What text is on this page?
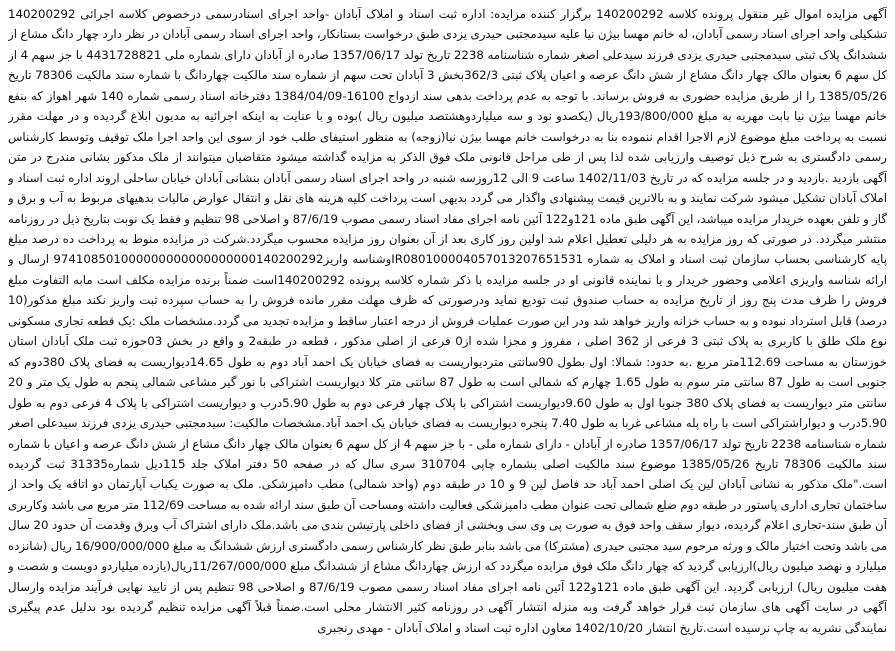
آگهی مزایده اموال غیر منقول پرونده کلاسه 140200292 برگزار کننده مزایده: اداره ثبت اسناد و املاک آبادان -واحد اجرای اسنادرسمی درخصوص کلاسه اجرائی 140200292 تشکیلی واحد اجرای اسناد رسمی آبادان، له خانم مهسا بیژن نیا علیه سیدمجتبی حیدری یزدی طبق درخواست بستانکار، واحد اجرای اسناد رسمی آبادان در نظر دارد چهار دانگ مشاع از ششدانگ پلاک ثبتی سیدمجتبی حیدری یزدی فرزند سیدعلی اصغر شماره شناسنامه 2238 تاریخ تولد 1357/06/17 صادره از آبادان دارای شماره ملی 4431728821 با جز سهم 4 از کل سهم 6 بعنوان مالک چهار دانگ مشاع از شش دانگ عرصه و اعیان پلاک ثبتی 362/3بخش 3 آبادان تحت سهم از شماره سند مالکیت چهاردانگ با شماره سند مالکیت 78306 تاریخ 1385/05/26 را از طریق مزایده حضوری به فروش برساند. با توجه به عدم پرداخت بدهی سند ازدواج 16100-1384/04/09 دفترخانه اسناد رسمی شماره 140 شهر اهواز که بنفع خانم مهسا بیژن نیا بابت مهریه به مبلغ 193/800/000ریال (یکصدو نود و سه میلیاردوهشتصد میلیون ریال )بوده و با عنایت به اینکه اجرائیه به مدیون ابلاغ گردیده و در مهلت مقرر نسبت به پرداخت مبلغ موضوع لازم الاجرا اقدام ننموده بنا به درخواست خانم مهسا بیژن نیا(زوجه) به منظور استیفای طلب خود از سوی این واحد اجرا ملک توقیف وتوسط کارشناس رسمی دادگستری به شرح ذیل توصیف وارزیابی شده لذا پس از طی مراحل قانونی ملک فوق الذکر به مزایده گذاشته میشود متقاضیان میتوانند از ملک مذکور بشانی مندرج در متن آگهی بازدید .بازدید و در جلسه مزایده که در تاریخ 1402/11/03 ساعت 9 الی 12روزسه شنبه در واحد اجرای اسناد رسمی آبادان بنشانی آبادان خیابان ساحلی اروند اداره ثبت اسناد و املاک آبادان تشکیل میشود شرکت نمایند و به بالاترین قیمت پیشنهادی واگذار می گردد بدیهی است پرداخت کلیه هزینه های نقل و انتقال عوارض مالیات بدهیهای مربوط به آب و برق و گاز و تلفن بعهده خریدار مزایده میباشد، این آگهی طبق ماده 121و122 آئین نامه اجرای مفاد اسناد رسمی مصوب 87/6/19 و اصلاحی 98 تنظیم و فقط یک نوبت بتاریخ ذیل در روزنامه منتشر میگردد. در صورتی که روز مزایده به هر دلیلی تعطیل اعلام شد اولین روز کاری بعد از آن بعنوان روز مزایده محسوب میگردد.شرکت در مزایده منوط به پرداخت ده درصد مبلغ پایه کارشناسی بحساب سازمان ثبت اسناد و املاک به شماره IR080100004057013207651531وشناسه واریز974108501000000000000000000140200292 ارسال و ارائه شناسه واریزی اعلامی وحضور خریدار و یا نماینده قانونی او در جلسه مزایده با ذکر شماره کلاسه پرونده 140200292است ضمناً برنده مزایده مکلف است مابه التفاوت مبلغ فروش را ظرف مدت پنج روز از تاریخ مزایده به حساب صندوق ثبت تودیع نماید ودرصورتی که ظرف مهلت مقرر مانده فروش را به حساب سپرده ثبت واریز نکند مبلغ مذکور(10 درصد) قابل استرداد نبوده و به حساب خزانه واریز خواهد شد ودر این صورت عملیات فروش از درجه اعتبار ساقط و مزایده تجدید می گردد.مشخصات ملک :یک قطعه تجاری مسکونی نوع ملک طلق با کاربری به پلاک ثبتی 3 فرعی از 362 اصلی ، مفروز و مجزا شده از0 فرعی از اصلی مذکور ، قطعه در طبقه2 و واقع در بخش 03حوزه ثبت ملک آبادان استان خوزستان به مساحت 112.69متر مربع .به حدود: شمالا: اول بطول 90سانتی متردیواریست به فضای خیابان یک احمد آباد دوم به طول 14.65دیواریست به فضای پلاک 380دوم که جنوبی است به طول 87 سانتی متر سوم به طول 1.65 چهارم که شمالی است به طول 87 سانتی متر کلا دیواریست اشتراکی با نور گیر مشاعی شمالی پنجم به طول یک متر و 20 سانتی متر دیواریست به فضای پلاک 380 جنوبا اول به طول 9.60دیواریست اشتراکی با پلاک چهار فرعی دوم به طول 5.90درب و دیواریست اشتراکی با پلاک 4 فرعی دوم به طول 5.90درب و دیواراشتراکی است با راه پله مشاعی غربا به طول 7.40 پنجره دیواریست به فضای خیابان یک احمد آباد.مشخصات مالکیت: سیدمجتبی حیدری یزدی فرزند سیدعلی اصغر شماره شناسنامه 2238 تاریخ تولد 1357/06/17 صادره از آبادان - دارای شماره ملی - با جز سهم 4 از کل سهم 6 بعنوان مالک چهار دانگ مشاع از شش دانگ عرصه و اعیان با شماره سند مالکیت 78306 تاریخ 1385/05/26 موضوع سند مالکیت اصلی بشماره چاپی 310704 سری سال که در صفحه 50 دفتر املاک جلد 115دیل شماره31335 ثبت گردیده است."ملک مذکور به نشانی آبادان لین یک اصلی احمد آباد حد فاصل لین 9 و 10 در طبقه دوم (واحد شمالی) مطب دامپزشکی. ملک به صورت یکباب آپارتمان دو اتاقه یک واحد از ساختمان تجاری اداری پاستور در طبقه دوم ضلع شمالی تحت عنوان مطب دامپزشکی فعالیت داشته ومساحت آن طبق سند ارائه شده به مساحت 112/69 متر مربع می باشد وکاربری آن طبق سند-تجاری اعلام گردیده، دیوار سقف واحد فوق به صورت پی وی سی وبخشی از فضای داخلی پارتیشن بندی می باشد.ملک دارای اشتراک آب وبرق وقدمت آن حدود 20 سال می باشد وتحت اختیار مالک و ورثه مرحوم سید مجتبی حیدری (مشترکا) می باشد بنابر طبق نظر کارشناس رسمی دادگستری ارزش ششدانگ به مبلغ 16/900/000/000 ریال (شانزده میلیارد و نهصد میلیون ریال)ارزیابی گردید که چهار دانگ ملک فوق مزایده میگردد که ارزش چهاردانگ مشاع از ششدانگ مبلغ 11/267/000/000ریال(یازده میلیاردو دویست و شصت و هفت میلیون ریال) ارزیابی گردید. این آگهی طبق ماده 121و122 آئین نامه اجرای مفاد اسناد رسمی مصوب 87/6/19 و اصلاحی 98 تنظیم پس از تایید نهایی فرآیند مزایده وارسال آگهی در سایت آگهی های سازمان ثبت قرار خواهد گرفت وبه منزله انتشار آگهی در روزنامه کثیر الانتشار محلی است.ضمناً قبلاً آگهی مزایده تنظیم گردیده بود بدلیل عدم پیگیری نمایندگی نشریه به چاپ نرسیده است.تاریخ انتشار 1402/10/20 معاون اداره ثبت اسناد و املاک آبادان - مهدی رنجبری
